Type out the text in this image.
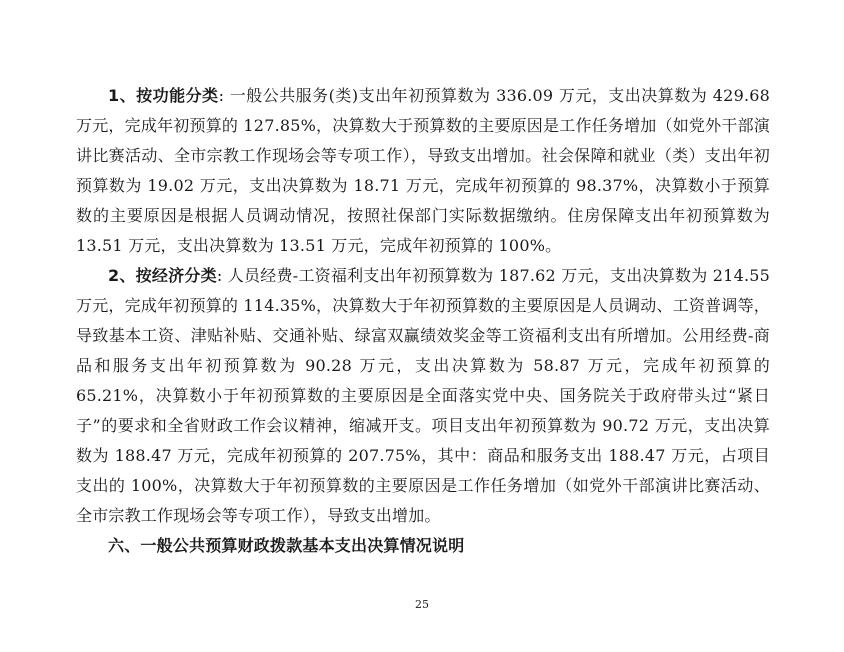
1、按功能分类: 一般公共服务(类)支出年初预算数为 336.09 万元，支出决算数为 429.68 万元，完成年初预算的 127.85%，决算数大于预算数的主要原因是工作任务增加（如党外干部演讲比赛活动、全市宗教工作现场会等专项工作），导致支出增加。社会保障和就业（类）支出年初预算数为 19.02 万元，支出决算数为 18.71 万元，完成年初预算的 98.37%，决算数小于预算数的主要原因是根据人员调动情况，按照社保部门实际数据缴纳。住房保障支出年初预算数为 13.51 万元，支出决算数为 13.51 万元，完成年初预算的 100%。

2、按经济分类: 人员经费-工资福利支出年初预算数为 187.62 万元，支出决算数为 214.55 万元，完成年初预算的 114.35%，决算数大于年初预算数的主要原因是人员调动、工资普调等，导致基本工资、津贴补贴、交通补贴、绿富双赢绩效奖金等工资福利支出有所增加。公用经费-商品和服务支出年初预算数为 90.28 万元，支出决算数为 58.87 万元，完成年初预算的 65.21%，决算数小于年初预算数的主要原因是全面落实党中央、国务院关于政府带头过“紧日子”的要求和全省财政工作会议精神，缩减开支。项目支出年初预算数为 90.72 万元，支出决算数为 188.47 万元，完成年初预算的 207.75%，其中：商品和服务支出 188.47 万元，占项目支出的 100%，决算数大于年初预算数的主要原因是工作任务增加（如党外干部演讲比赛活动、全市宗教工作现场会等专项工作），导致支出增加。

六、一般公共预算财政拨款基本支出决算情况说明

25
